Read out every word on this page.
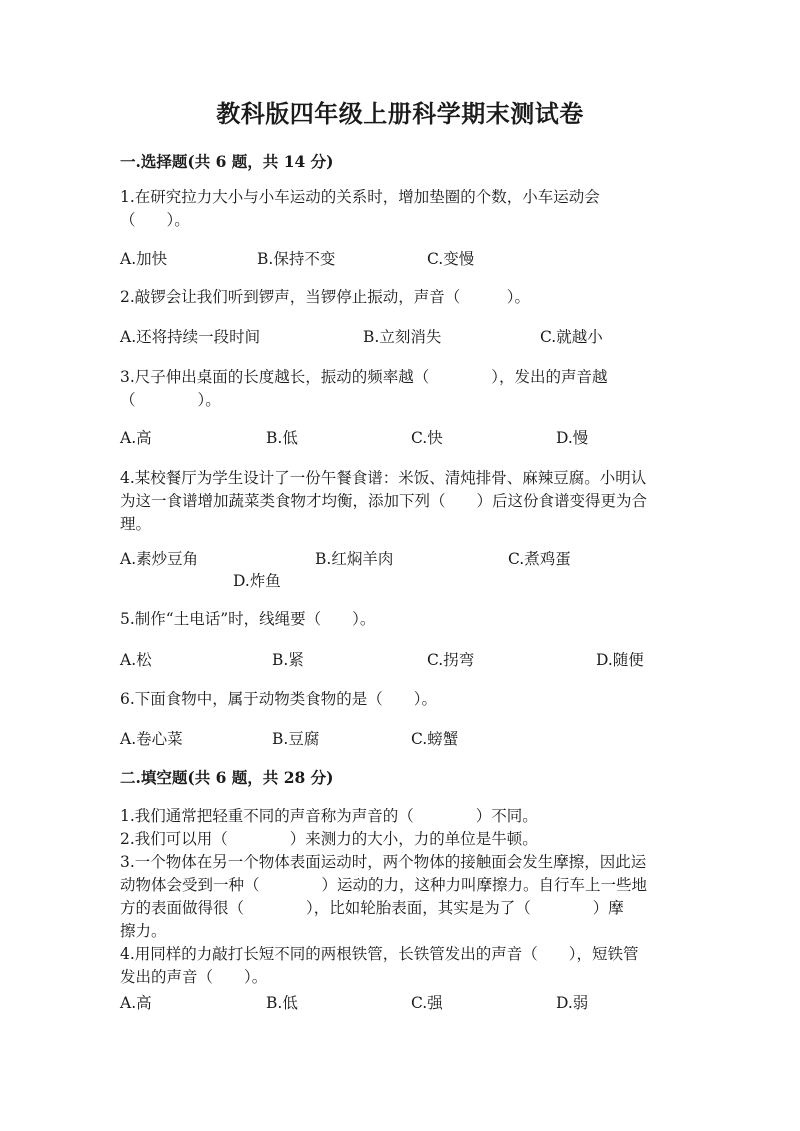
教科版四年级上册科学期末测试卷
一.选择题(共 6 题，共 14 分)
1.在研究拉力大小与小车运动的关系时，增加垫圈的个数，小车运动会
（　　）。
A.加快	B.保持不变	C.变慢
2.敲锣会让我们听到锣声，当锣停止振动，声音（　　　）。
A.还将持续一段时间	B.立刻消失	C.就越小
3.尺子伸出桌面的长度越长，振动的频率越（　　　　），发出的声音越
（　　　　）。
A.高	B.低	C.快	D.慢
4.某校餐厅为学生设计了一份午餐食谱：米饭、清炖排骨、麻辣豆腐。小明认
为这一食谱增加蔬菜类食物才均衡，添加下列（　　）后这份食谱变得更为合
理。
A.素炒豆角	B.红焖羊肉	C.煮鸡蛋
D.炸鱼
5.制作“土电话”时，线绳要（　　）。
A.松	B.紧	C.拐弯	D.随便
6.下面食物中，属于动物类食物的是（　　）。
A.卷心菜	B.豆腐	C.螃蟹
二.填空题(共 6 题，共 28 分)
1.我们通常把轻重不同的声音称为声音的（　　　　）不同。
2.我们可以用（　　　　）来测力的大小，力的单位是牛顿。
3.一个物体在另一个物体表面运动时，两个物体的接触面会发生摩擦，因此运
动物体会受到一种（　　　　）运动的力，这种力叫摩擦力。自行车上一些地
方的表面做得很（　　　　），比如轮胎表面，其实是为了（　　　　）摩
擦力。
4.用同样的力敲打长短不同的两根铁管，长铁管发出的声音（　　），短铁管
发出的声音（　　）。
A.高	B.低	C.强	D.弱
